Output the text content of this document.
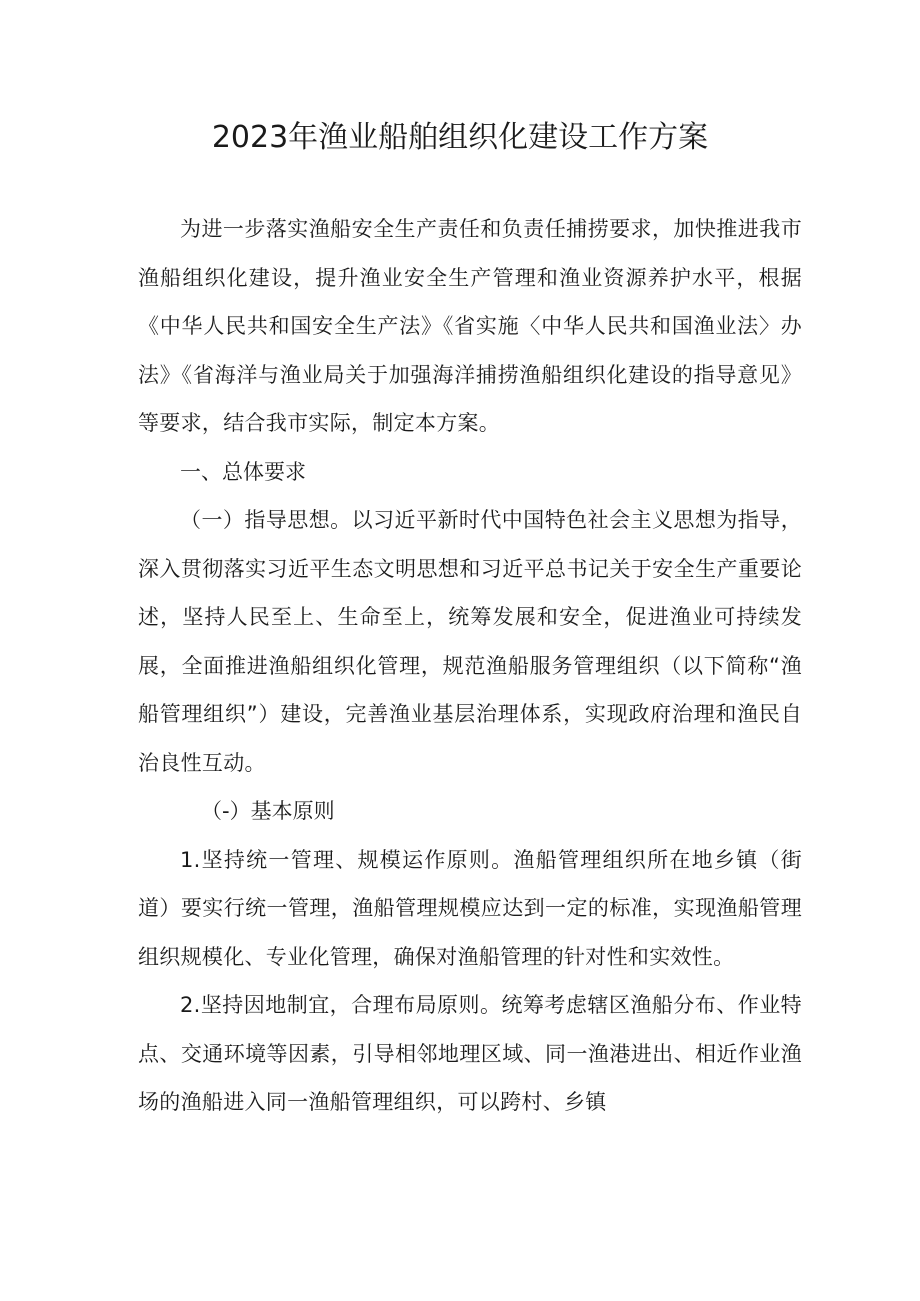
2023年渔业船舶组织化建设工作方案

为进一步落实渔船安全生产责任和负责任捕捞要求，加快推进我市渔船组织化建设，提升渔业安全生产管理和渔业资源养护水平，根据《中华人民共和国安全生产法》《省实施〈中华人民共和国渔业法〉办法》《省海洋与渔业局关于加强海洋捕捞渔船组织化建设的指导意见》等要求，结合我市实际，制定本方案。

一、总体要求

（一）指导思想。以习近平新时代中国特色社会主义思想为指导，深入贯彻落实习近平生态文明思想和习近平总书记关于安全生产重要论述，坚持人民至上、生命至上，统筹发展和安全，促进渔业可持续发展，全面推进渔船组织化管理，规范渔船服务管理组织（以下简称“渔船管理组织”）建设，完善渔业基层治理体系，实现政府治理和渔民自治良性互动。

（-）基本原则

1.坚持统一管理、规模运作原则。渔船管理组织所在地乡镇（街道）要实行统一管理，渔船管理规模应达到一定的标准，实现渔船管理组织规模化、专业化管理，确保对渔船管理的针对性和实效性。

2.坚持因地制宜，合理布局原则。统筹考虑辖区渔船分布、作业特点、交通环境等因素，引导相邻地理区域、同一渔港进出、相近作业渔场的渔船进入同一渔船管理组织，可以跨村、乡镇
